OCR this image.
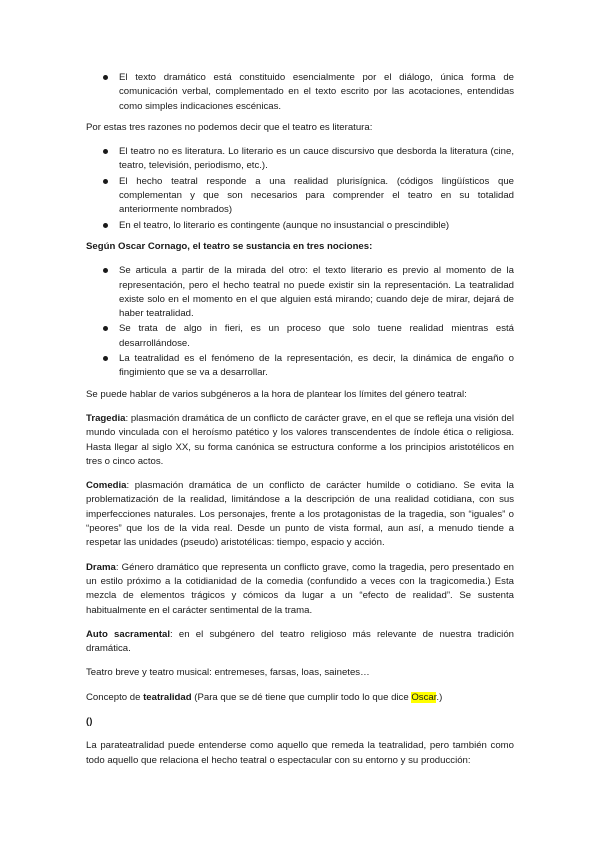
El texto dramático está constituido esencialmente por el diálogo, única forma de comunicación verbal, complementado en el texto escrito por las acotaciones, entendidas como simples indicaciones escénicas.

Por estas tres razones no podemos decir que el teatro es literatura:

El teatro no es literatura. Lo literario es un cauce discursivo que desborda la literatura (cine, teatro, televisión, periodismo, etc.).
El hecho teatral responde a una realidad plurisígnica. (códigos lingüísticos que complementan y que son necesarios para comprender el teatro en su totalidad anteriormente nombrados)
En el teatro, lo literario es contingente (aunque no insustancial o prescindible)

Según Oscar Cornago, el teatro se sustancia en tres nociones:

Se articula a partir de la mirada del otro: el texto literario es previo al momento de la representación, pero el hecho teatral no puede existir sin la representación. La teatralidad existe solo en el momento en el que alguien está mirando; cuando deje de mirar, dejará de haber teatralidad.
Se trata de algo in fieri, es un proceso que solo tuene realidad mientras está desarrollándose.
La teatralidad es el fenómeno de la representación, es decir, la dinámica de engaño o fingimiento que se va a desarrollar.

Se puede hablar de varios subgéneros a la hora de plantear los límites del género teatral:

Tragedia: plasmación dramática de un conflicto de carácter grave, en el que se refleja una visión del mundo vinculada con el heroísmo patético y los valores transcendentes de índole ética o religiosa. Hasta llegar al siglo XX, su forma canónica se estructura conforme a los principios aristotélicos en tres o cinco actos.

Comedia: plasmación dramática de un conflicto de carácter humilde o cotidiano. Se evita la problematización de la realidad, limitándose a la descripción de una realidad cotidiana, con sus imperfecciones naturales. Los personajes, frente a los protagonistas de la tragedia, son “iguales” o “peores” que los de la vida real. Desde un punto de vista formal, aun así, a menudo tiende a respetar las unidades (pseudo) aristotélicas: tiempo, espacio y acción.

Drama: Género dramático que representa un conflicto grave, como la tragedia, pero presentado en un estilo próximo a la cotidianidad de la comedia (confundido a veces con la tragicomedia.) Esta mezcla de elementos trágicos y cómicos da lugar a un “efecto de realidad”. Se sustenta habitualmente en el carácter sentimental de la trama.

Auto sacramental: en el subgénero del teatro religioso más relevante de nuestra tradición dramática.

Teatro breve y teatro musical: entremeses, farsas, loas, sainetes…

Concepto de teatralidad (Para que se dé tiene que cumplir todo lo que dice Oscar.)

()

La parateatralidad puede entenderse como aquello que remeda la teatralidad, pero también como todo aquello que relaciona el hecho teatral o espectacular con su entorno y su producción:
